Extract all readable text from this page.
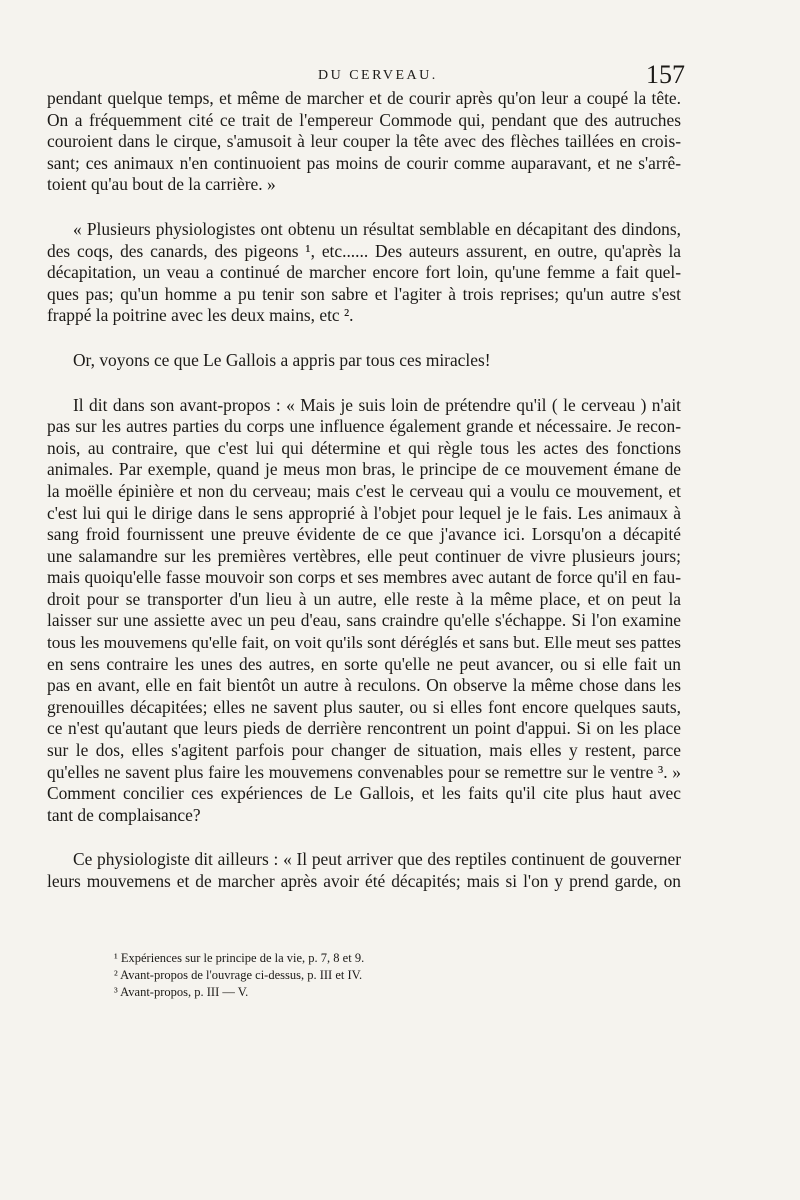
DU CERVEAU.	157
pendant quelque temps, et même de marcher et de courir après qu'on leur a coupé la tête.
On a fréquemment cité ce trait de l'empereur Commode qui, pendant que des autruches
couroient dans le cirque, s'amusoit à leur couper la tête avec des flèches taillées en crois-
sant; ces animaux n'en continuoient pas moins de courir comme auparavant, et ne s'arrê-
toient qu'au bout de la carrière. »
« Plusieurs physiologistes ont obtenu un résultat semblable en décapitant des dindons,
des coqs, des canards, des pigeons ¹, etc...... Des auteurs assurent, en outre, qu'après la
décapitation, un veau a continué de marcher encore fort loin, qu'une femme a fait quel-
ques pas; qu'un homme a pu tenir son sabre et l'agiter à trois reprises; qu'un autre s'est
frappé la poitrine avec les deux mains, etc ².
Or, voyons ce que Le Gallois a appris par tous ces miracles!
Il dit dans son avant-propos : « Mais je suis loin de prétendre qu'il ( le cerveau ) n'ait
pas sur les autres parties du corps une influence également grande et nécessaire. Je recon-
nois, au contraire, que c'est lui qui détermine et qui règle tous les actes des fonctions
animales. Par exemple, quand je meus mon bras, le principe de ce mouvement émane de
la moëlle épinière et non du cerveau; mais c'est le cerveau qui a voulu ce mouvement, et
c'est lui qui le dirige dans le sens approprié à l'objet pour lequel je le fais. Les animaux à
sang froid fournissent une preuve évidente de ce que j'avance ici. Lorsqu'on a décapité
une salamandre sur les premières vertèbres, elle peut continuer de vivre plusieurs jours;
mais quoiqu'elle fasse mouvoir son corps et ses membres avec autant de force qu'il en fau-
droit pour se transporter d'un lieu à un autre, elle reste à la même place, et on peut la
laisser sur une assiette avec un peu d'eau, sans craindre qu'elle s'échappe. Si l'on examine
tous les mouvemens qu'elle fait, on voit qu'ils sont déréglés et sans but. Elle meut ses pattes
en sens contraire les unes des autres, en sorte qu'elle ne peut avancer, ou si elle fait un
pas en avant, elle en fait bientôt un autre à reculons. On observe la même chose dans les
grenouilles décapitées; elles ne savent plus sauter, ou si elles font encore quelques sauts,
ce n'est qu'autant que leurs pieds de derrière rencontrent un point d'appui. Si on les place
sur le dos, elles s'agitent parfois pour changer de situation, mais elles y restent, parce
qu'elles ne savent plus faire les mouvemens convenables pour se remettre sur le ventre ³. »
Comment concilier ces expériences de Le Gallois, et les faits qu'il cite plus haut avec
tant de complaisance?
Ce physiologiste dit ailleurs : « Il peut arriver que des reptiles continuent de gouverner
leurs mouvemens et de marcher après avoir été décapités; mais si l'on y prend garde, on
¹ Expériences sur le principe de la vie, p. 7, 8 et 9.
² Avant-propos de l'ouvrage ci-dessus, p. III et IV.
³ Avant-propos, p. III — V.
